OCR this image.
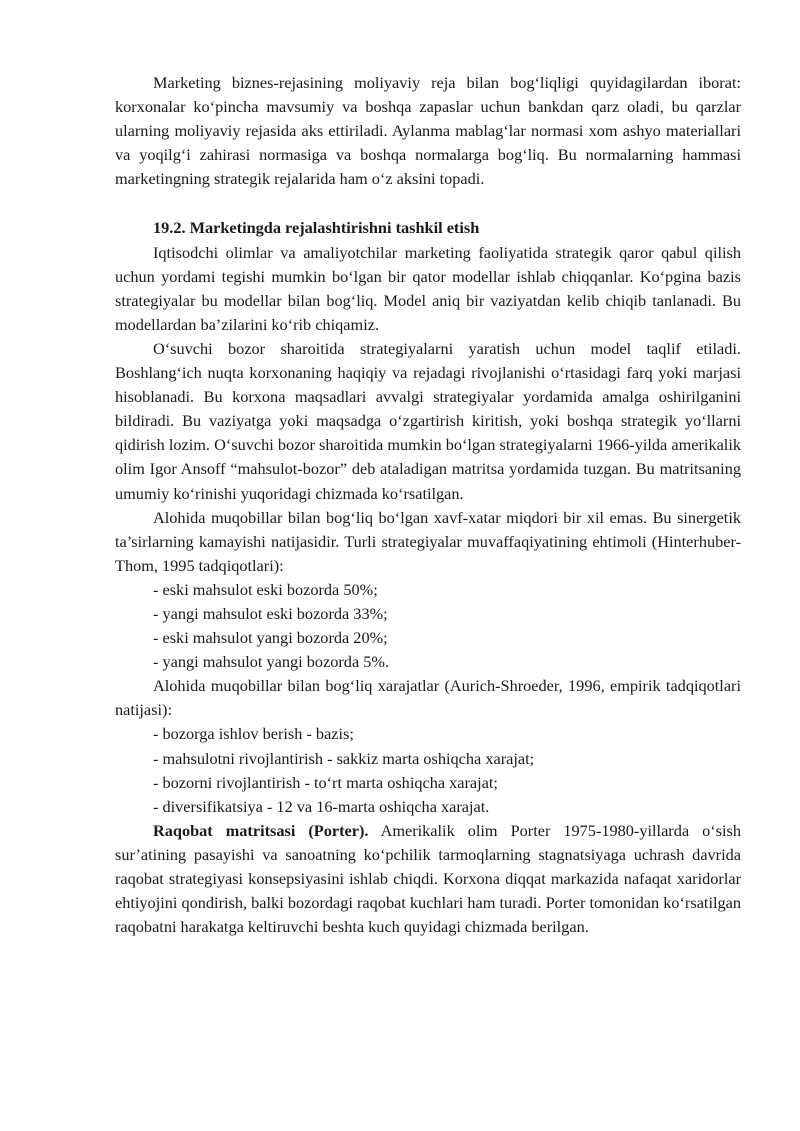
Marketing biznes-rejasining moliyaviy reja bilan bog‘liqligi quyidagilardan iborat: korxonalar ko‘pincha mavsumiy va boshqa zapaslar uchun bankdan qarz oladi, bu qarzlar ularning moliyaviy rejasida aks ettiriladi. Aylanma mablag‘lar normasi xom ashyo materiallari va yoqilg‘i zahirasi normasiga va boshqa normalarga bog‘liq. Bu normalarning hammasi marketingning strategik rejalarida ham o‘z aksini topadi.

19.2. Marketingda rejalashtirishni tashkil etish

Iqtisodchi olimlar va amaliyotchilar marketing faoliyatida strategik qaror qabul qilish uchun yordami tegishi mumkin bo‘lgan bir qator modellar ishlab chiqqanlar. Ko‘pgina bazis strategiyalar bu modellar bilan bog‘liq. Model aniq bir vaziyatdan kelib chiqib tanlanadi. Bu modellardan ba’zilarini ko‘rib chiqamiz.

O‘suvchi bozor sharoitida strategiyalarni yaratish uchun model taqlif etiladi. Boshlang‘ich nuqta korxonaning haqiqiy va rejadagi rivojlanishi o‘rtasidagi farq yoki marjasi hisoblanadi. Bu korxona maqsadlari avvalgi strategiyalar yordamida amalga oshirilganini bildiradi. Bu vaziyatga yoki maqsadga o‘zgartirish kiritish, yoki boshqa strategik yo‘llarni qidirish lozim. O‘suvchi bozor sharoitida mumkin bo‘lgan strategiyalarni 1966-yilda amerikalik olim Igor Ansoff “mahsulot-bozor” deb ataladigan matritsa yordamida tuzgan. Bu matritsaning umumiy ko‘rinishi yuqoridagi chizmada ko‘rsatilgan.

Alohida muqobillar bilan bog‘liq bo‘lgan xavf-xatar miqdori bir xil emas. Bu sinergetik ta’sirlarning kamayishi natijasidir. Turli strategiyalar muvaffaqiyatining ehtimoli (Hinterhuber-Thom, 1995 tadqiqotlari):

- eski mahsulot eski bozorda 50%;

- yangi mahsulot eski bozorda 33%;

- eski mahsulot yangi bozorda 20%;

- yangi mahsulot yangi bozorda 5%.

Alohida muqobillar bilan bog‘liq xarajatlar (Aurich-Shroeder, 1996, empirik tadqiqotlari natijasi):

- bozorga ishlov berish - bazis;

- mahsulotni rivojlantirish - sakkiz marta oshiqcha xarajat;

- bozorni rivojlantirish - to‘rt marta oshiqcha xarajat;

- diversifikatsiya - 12 va 16-marta oshiqcha xarajat.

Raqobat matritsasi (Porter). Amerikalik olim Porter 1975-1980-yillarda o‘sish sur’atining pasayishi va sanoatning ko‘pchilik tarmoqlarning stagnatsiyaga uchrash davrida raqobat strategiyasi konsepsiyasini ishlab chiqdi. Korxona diqqat markazida nafaqat xaridorlar ehtiyojini qondirish, balki bozordagi raqobat kuchlari ham turadi. Porter tomonidan ko‘rsatilgan raqobatni harakatga keltiruvchi beshta kuch quyidagi chizmada berilgan.
